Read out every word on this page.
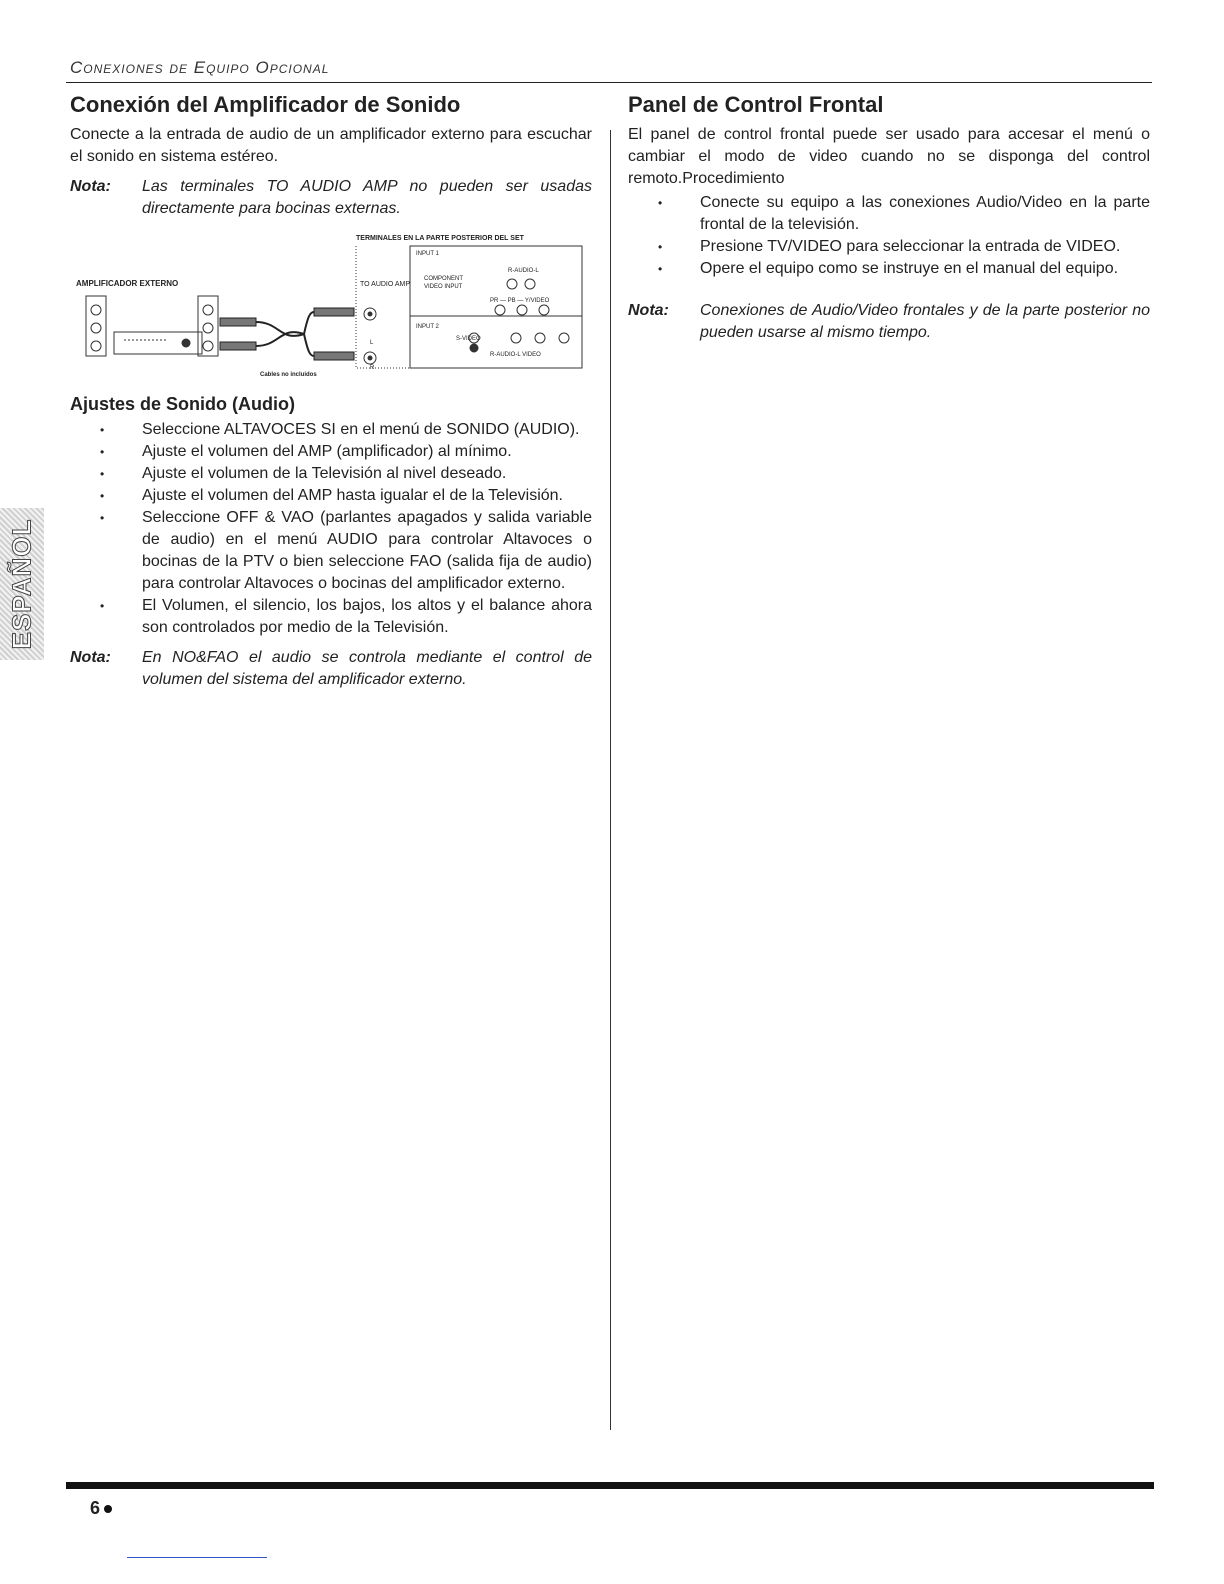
Conexiones de Equipo Opcional
ESPAÑOL
Conexión del Amplificador de Sonido

Conecte a la entrada de audio de un amplificador externo para escuchar el sonido en sistema estéreo.

Nota:	Las terminales TO AUDIO AMP no pueden ser usadas directamente para bocinas externas.
TERMINALES EN LA PARTE POSTERIOR DEL SET
AMPLIFICADOR EXTERNO
L
R
Cables no incluidos
TO AUDIO AMP
INPUT 1
COMPONENT
VIDEO INPUT
R-AUDIO-L
PR — PB — Y/VIDEO
INPUT 2
S-VIDEO
R-AUDIO-L VIDEO
Ajustes de Sonido (Audio)
• Seleccione ALTAVOCES SI en el menú de SONIDO (AUDIO).
• Ajuste el volumen del AMP (amplificador) al mínimo.
• Ajuste el volumen de la Televisión al nivel deseado.
• Ajuste el volumen del AMP hasta igualar el de la Televisión.
• Seleccione OFF & VAO (parlantes apagados y salida variable de audio) en el menú AUDIO para controlar Altavoces o bocinas de la PTV o bien seleccione FAO (salida fija de audio) para controlar Altavoces o bocinas del amplificador externo.
• El Volumen, el silencio, los bajos, los altos y el balance ahora son controlados por medio de la Televisión.
Nota:	En NO&FAO el audio se controla mediante el control de volumen del sistema del amplificador externo.
Panel de Control Frontal

El panel de control frontal puede ser usado para accesar el menú o cambiar el modo de video cuando no se disponga del control remoto.Procedimiento

• Conecte su equipo a las conexiones Audio/Video en la parte frontal de la televisión.
• Presione TV/VIDEO para seleccionar la entrada de VIDEO.
• Opere el equipo como se instruye en el manual del equipo.
Nota:	Conexiones de Audio/Video frontales y de la parte posterior no pueden usarse al mismo tiempo.
6
